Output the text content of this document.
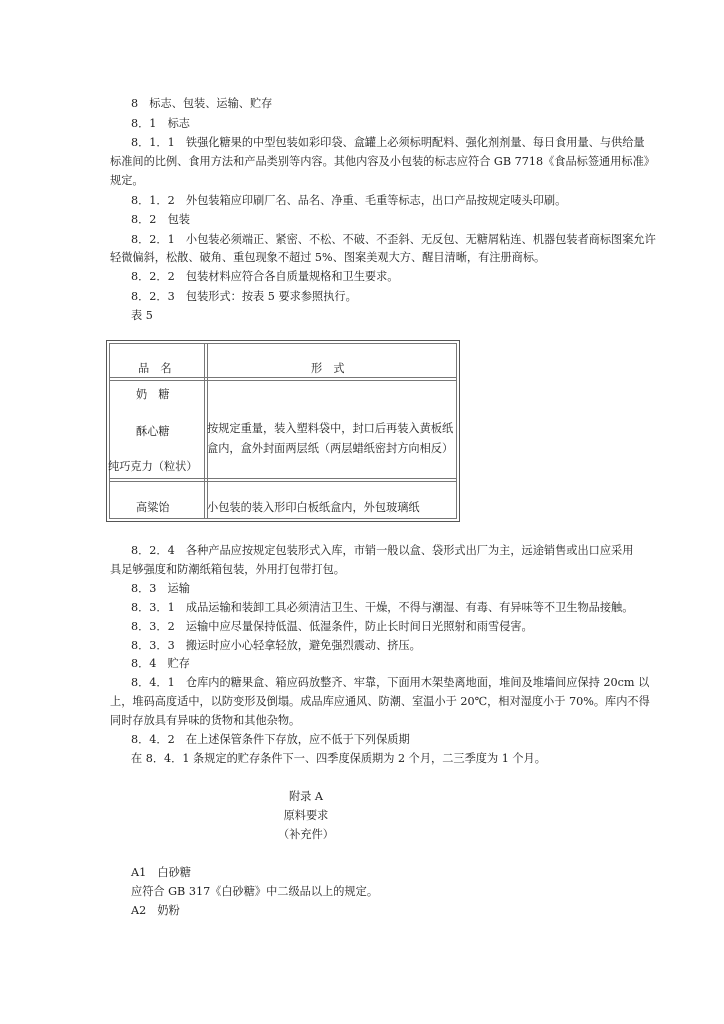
8　标志、包装、运输、贮存
8．1　标志
8．1．1　铁强化糖果的中型包装如彩印袋、盒罐上必须标明配料、强化剂剂量、每日食用量、与供给量
标准间的比例、食用方法和产品类别等内容。其他内容及小包装的标志应符合 GB 7718《食品标签通用标准》
规定。
8．1．2　外包装箱应印刷厂名、品名、净重、毛重等标志，出口产品按规定唛头印刷。
8．2　包装
8．2．1　小包装必须端正、紧密、不松、不破、不歪斜、无反包、无糖屑粘连、机器包装者商标图案允许
轻微偏斜，松散、破角、重包现象不超过 5%、图案美观大方、醒目清晰，有注册商标。
8．2．2　包装材料应符合各自质量规格和卫生要求。
8．2．3　包装形式：按表 5 要求参照执行。
表 5
品　名	形　式
奶　糖
酥心糖
纯巧克力（粒状）
按规定重量，装入塑料袋中，封口后再装入黄板纸
盒内，盒外封面两层纸（两层蜡纸密封方向相反）
高粱饴	小包装的装入形印白板纸盒内，外包玻璃纸
8．2．4　各种产品应按规定包装形式入库，市销一般以盒、袋形式出厂为主，远途销售或出口应采用
具足够强度和防潮纸箱包装，外用打包带打包。
8．3　运输
8．3．1　成品运输和装卸工具必须清洁卫生、干燥，不得与潮湿、有毒、有异味等不卫生物品接触。
8．3．2　运输中应尽量保持低温、低湿条件，防止长时间日光照射和雨雪侵害。
8．3．3　搬运时应小心轻拿轻放，避免强烈震动、挤压。
8．4　贮存
8．4．1　仓库内的糖果盒、箱应码放整齐、牢靠，下面用木架垫离地面，堆间及堆墙间应保持 20cm 以
上，堆码高度适中，以防变形及倒塌。成品库应通风、防潮、室温小于 20℃，相对湿度小于 70%。库内不得
同时存放具有异味的货物和其他杂物。
8．4．2　在上述保管条件下存放，应不低于下列保质期
在 8．4．1 条规定的贮存条件下一、四季度保质期为 2 个月，二三季度为 1 个月。
附录 A
原料要求
（补充件）
A1　白砂糖
应符合 GB 317《白砂糖》中二级品以上的规定。
A2　奶粉
